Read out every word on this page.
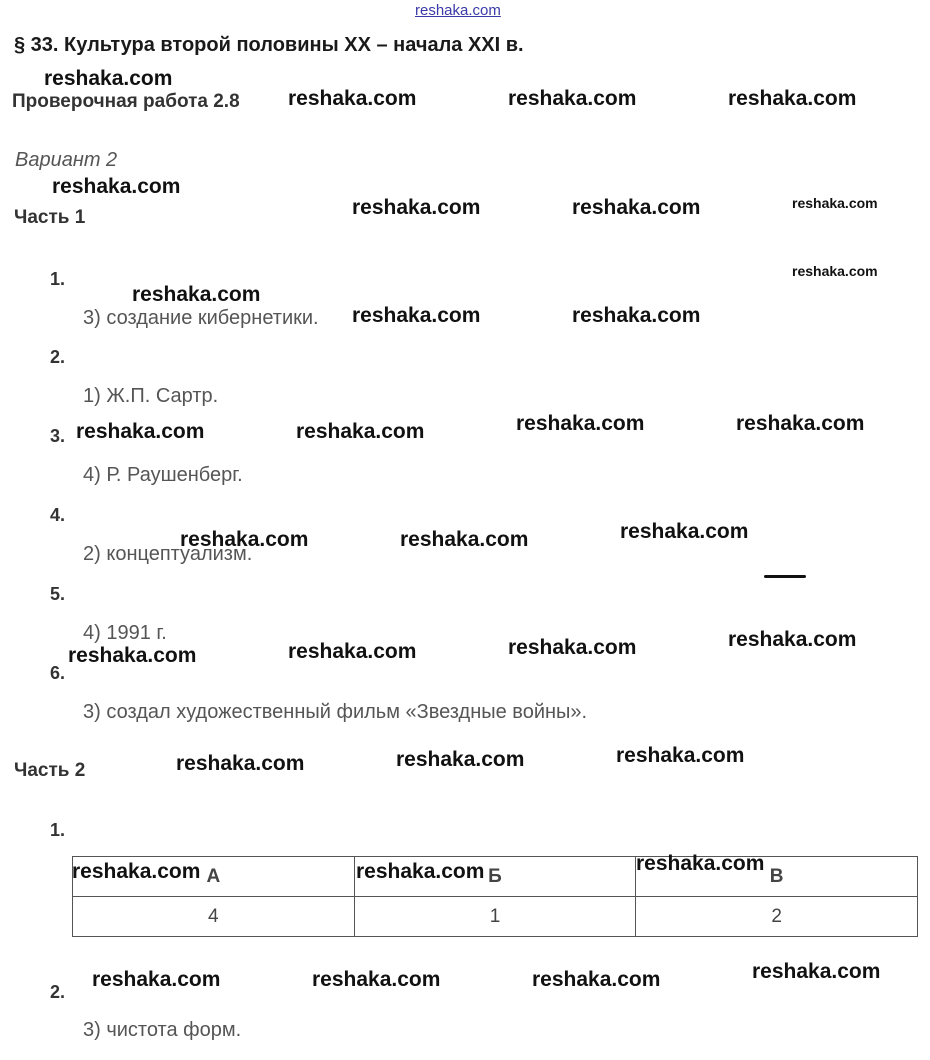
reshaka.com
§ 33. Культура второй половины XX – начала XXI в.
Проверочная работа 2.8
Вариант 2
Часть 1
1.
3) создание кибернетики.
2.
1) Ж.П. Сартр.
3.
4) Р. Раушенберг.
4.
2) концептуализм.
5.
4) 1991 г.
6.
3) создал художественный фильм «Звездные войны».
Часть 2
1.
А	Б	В
4	1	2
2.
3) чистота форм.
reshaka.com
reshaka.com	reshaka.com	reshaka.com
reshaka.com
reshaka.com	reshaka.com	reshaka.com
reshaka.com
reshaka.com
reshaka.com	reshaka.com
reshaka.com	reshaka.com	reshaka.com	reshaka.com
reshaka.com	reshaka.com	reshaka.com
reshaka.com	reshaka.com	reshaka.com	reshaka.com
reshaka.com	reshaka.com	reshaka.com
reshaka.com	reshaka.com	reshaka.com
reshaka.com	reshaka.com	reshaka.com	reshaka.com
